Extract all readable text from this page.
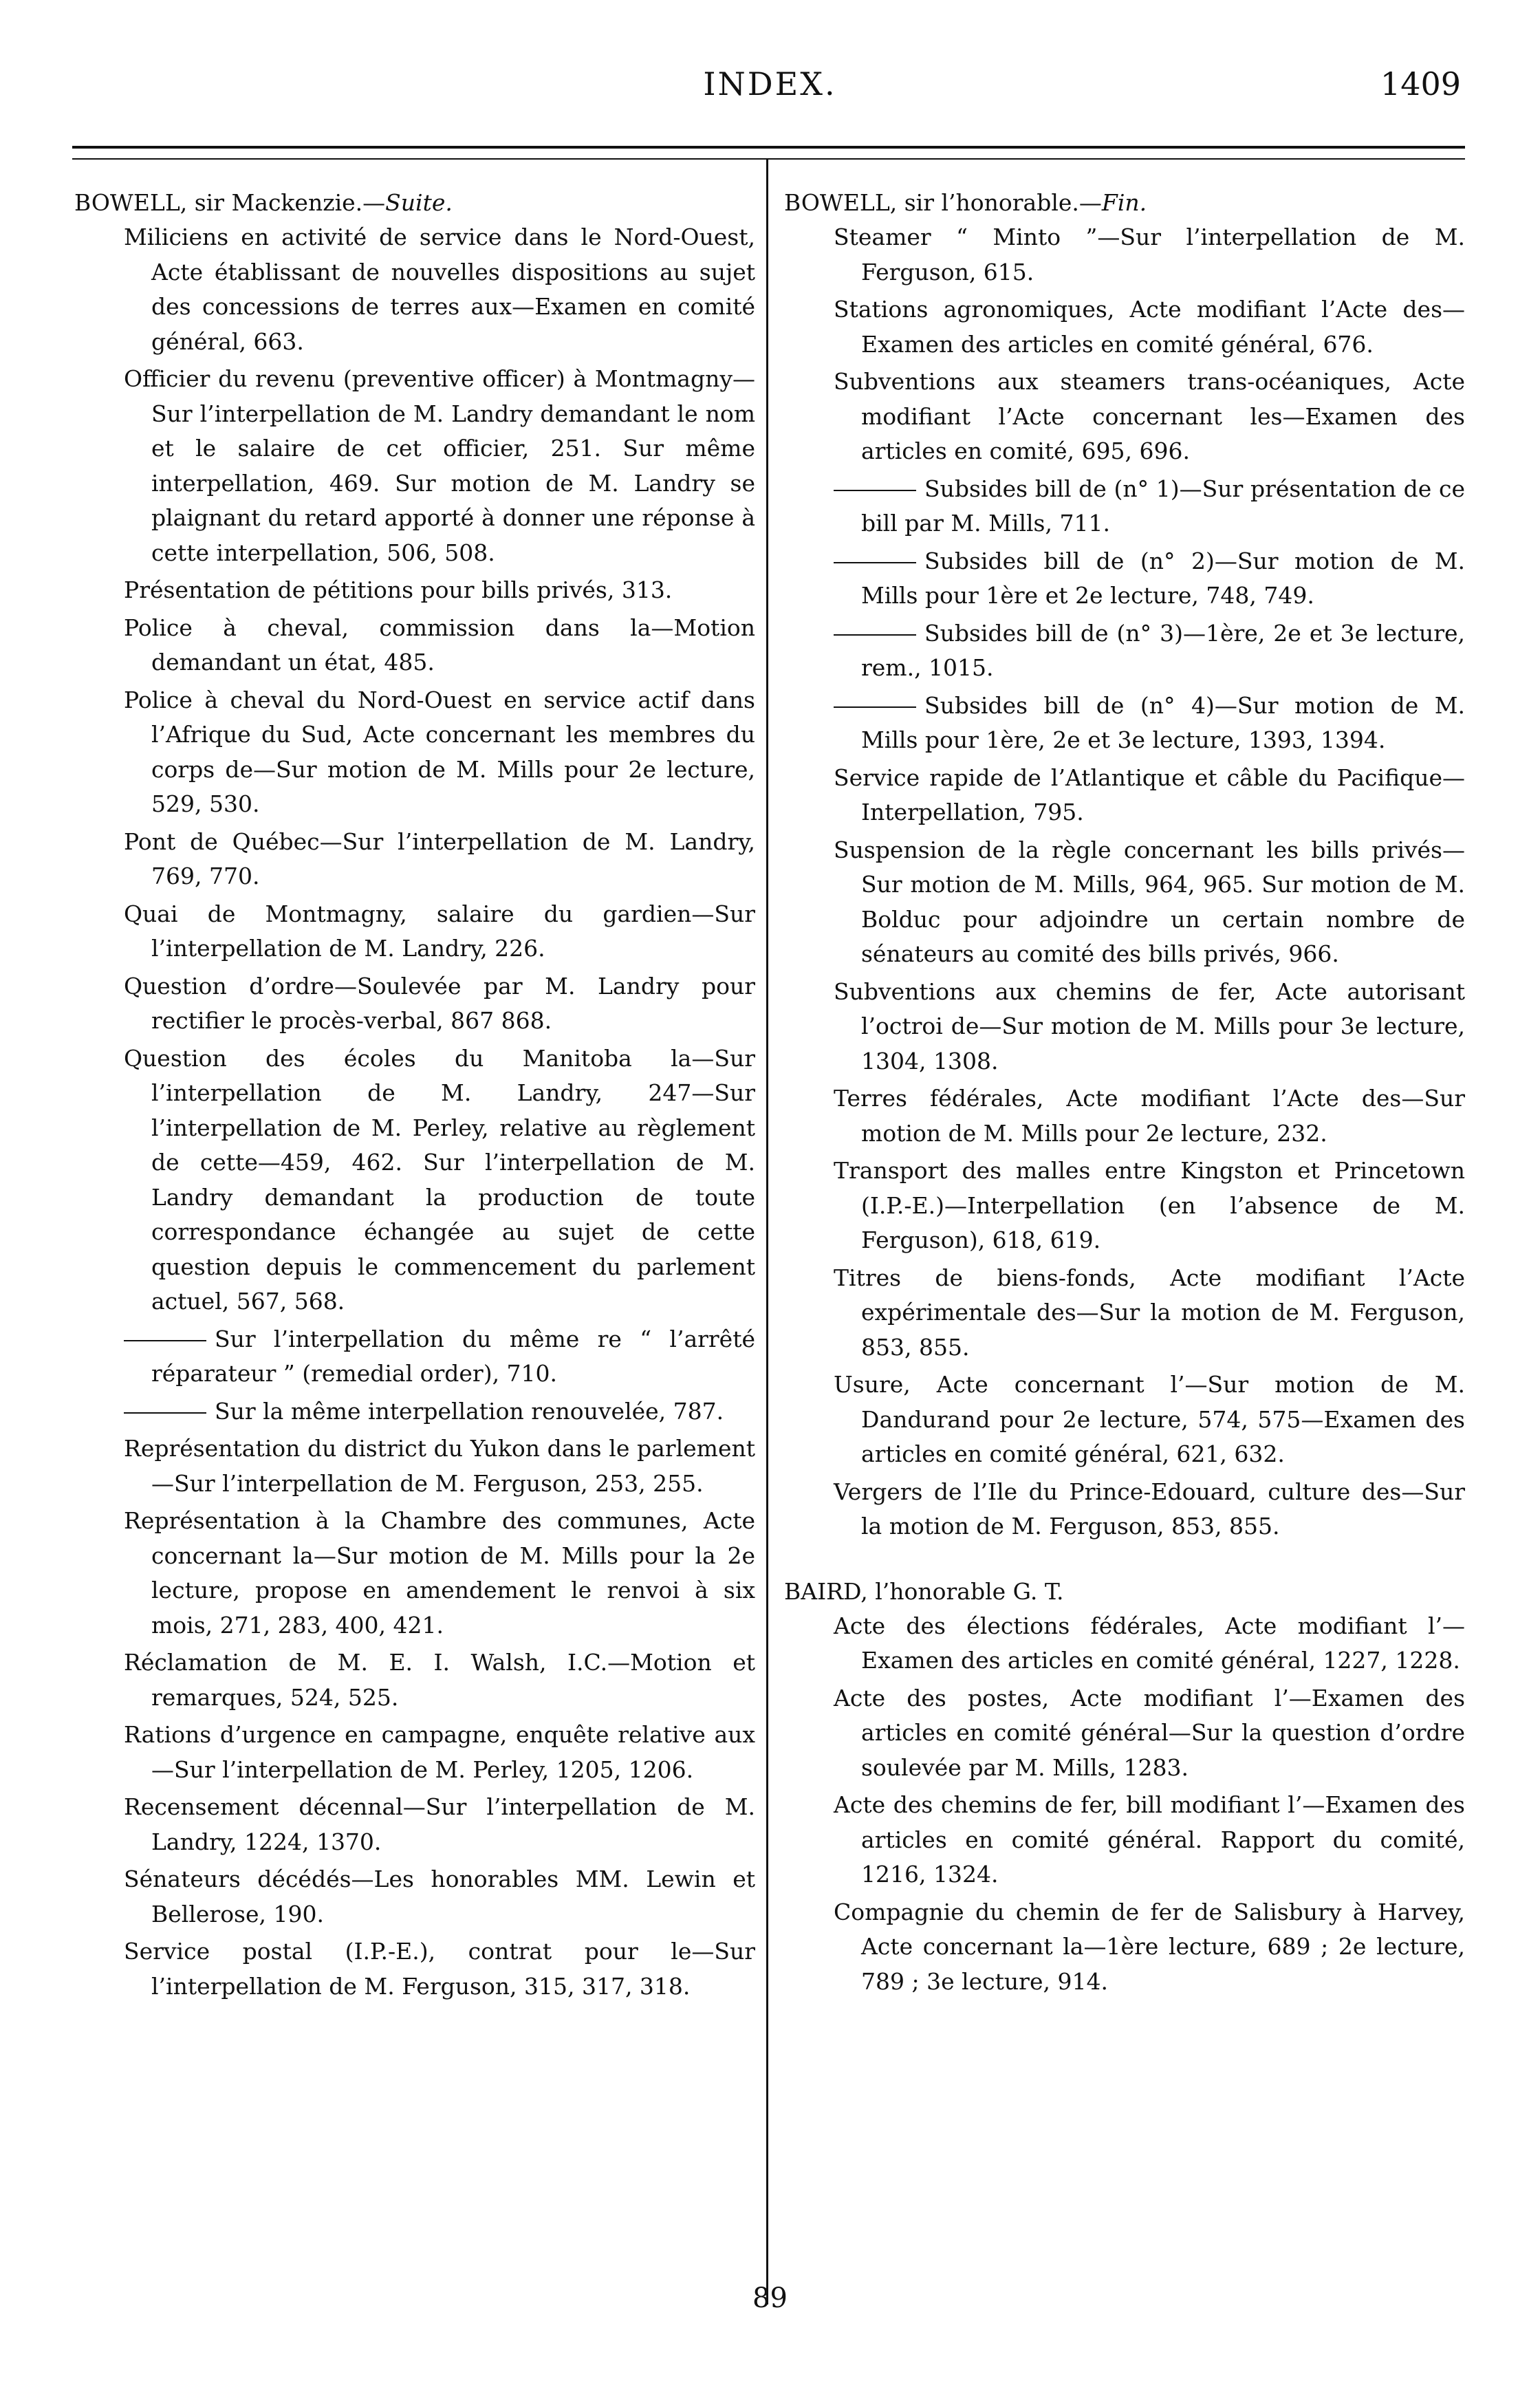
INDEX.	1409

BOWELL, sir Mackenzie.—Suite.

Miliciens en activité de service dans le Nord-Ouest, Acte établissant de nouvelles dispositions au sujet des concessions de terres aux—Examen en comité général, 663.

Officier du revenu (preventive officer) à Montmagny—Sur l’interpellation de M. Landry demandant le nom et le salaire de cet officier, 251. Sur même interpellation, 469. Sur motion de M. Landry se plaignant du retard apporté à donner une réponse à cette interpellation, 506, 508.

Présentation de pétitions pour bills privés, 313.

Police à cheval, commission dans la—Motion demandant un état, 485.

Police à cheval du Nord-Ouest en service actif dans l’Afrique du Sud, Acte concernant les membres du corps de—Sur motion de M. Mills pour 2e lecture, 529, 530.

Pont de Québec—Sur l’interpellation de M. Landry, 769, 770.

Quai de Montmagny, salaire du gardien—Sur l’interpellation de M. Landry, 226.

Question d’ordre—Soulevée par M. Landry pour rectifier le procès-verbal, 867 868.

Question des écoles du Manitoba la—Sur l’interpellation de M. Landry, 247—Sur l’interpellation de M. Perley, relative au règlement de cette—459, 462. Sur l’interpellation de M. Landry demandant la production de toute correspondance échangée au sujet de cette question depuis le commencement du parlement actuel, 567, 568.

Sur l’interpellation du même re “ l’arrêté réparateur ” (remedial order), 710.

Sur la même interpellation renouvelée, 787.

Représentation du district du Yukon dans le parlement—Sur l’interpellation de M. Ferguson, 253, 255.

Représentation à la Chambre des communes, Acte concernant la—Sur motion de M. Mills pour la 2e lecture, propose en amendement le renvoi à six mois, 271, 283, 400, 421.

Réclamation de M. E. I. Walsh, I.C.—Motion et remarques, 524, 525.

Rations d’urgence en campagne, enquête relative aux—Sur l’interpellation de M. Perley, 1205, 1206.

Recensement décennal—Sur l’interpellation de M. Landry, 1224, 1370.

Sénateurs décédés—Les honorables MM. Lewin et Bellerose, 190.

Service postal (I.P.-E.), contrat pour le—Sur l’interpellation de M. Ferguson, 315, 317, 318.

BOWELL, sir l’honorable.—Fin.

Steamer “ Minto ”—Sur l’interpellation de M. Ferguson, 615.

Stations agronomiques, Acte modifiant l’Acte des—Examen des articles en comité général, 676.

Subventions aux steamers trans-océaniques, Acte modifiant l’Acte concernant les—Examen des articles en comité, 695, 696.

Subsides bill de (n° 1)—Sur présentation de ce bill par M. Mills, 711.

Subsides bill de (n° 2)—Sur motion de M. Mills pour 1ère et 2e lecture, 748, 749.

Subsides bill de (n° 3)—1ère, 2e et 3e lecture, rem., 1015.

Subsides bill de (n° 4)—Sur motion de M. Mills pour 1ère, 2e et 3e lecture, 1393, 1394.

Service rapide de l’Atlantique et câble du Pacifique—Interpellation, 795.

Suspension de la règle concernant les bills privés—Sur motion de M. Mills, 964, 965. Sur motion de M. Bolduc pour adjoindre un certain nombre de sénateurs au comité des bills privés, 966.

Subventions aux chemins de fer, Acte autorisant l’octroi de—Sur motion de M. Mills pour 3e lecture, 1304, 1308.

Terres fédérales, Acte modifiant l’Acte des—Sur motion de M. Mills pour 2e lecture, 232.

Transport des malles entre Kingston et Princetown (I.P.-E.)—Interpellation (en l’absence de M. Ferguson), 618, 619.

Titres de biens-fonds, Acte modifiant l’Acte expérimentale des—Sur la motion de M. Ferguson, 853, 855.

Usure, Acte concernant l’—Sur motion de M. Dandurand pour 2e lecture, 574, 575—Examen des articles en comité général, 621, 632.

Vergers de l’Ile du Prince-Edouard, culture des—Sur la motion de M. Ferguson, 853, 855.

BAIRD, l’honorable G. T.

Acte des élections fédérales, Acte modifiant l’—Examen des articles en comité général, 1227, 1228.

Acte des postes, Acte modifiant l’—Examen des articles en comité général—Sur la question d’ordre soulevée par M. Mills, 1283.

Acte des chemins de fer, bill modifiant l’—Examen des articles en comité général. Rapport du comité, 1216, 1324.

Compagnie du chemin de fer de Salisbury à Harvey, Acte concernant la—1ère lecture, 689 ; 2e lecture, 789 ; 3e lecture, 914.

89
